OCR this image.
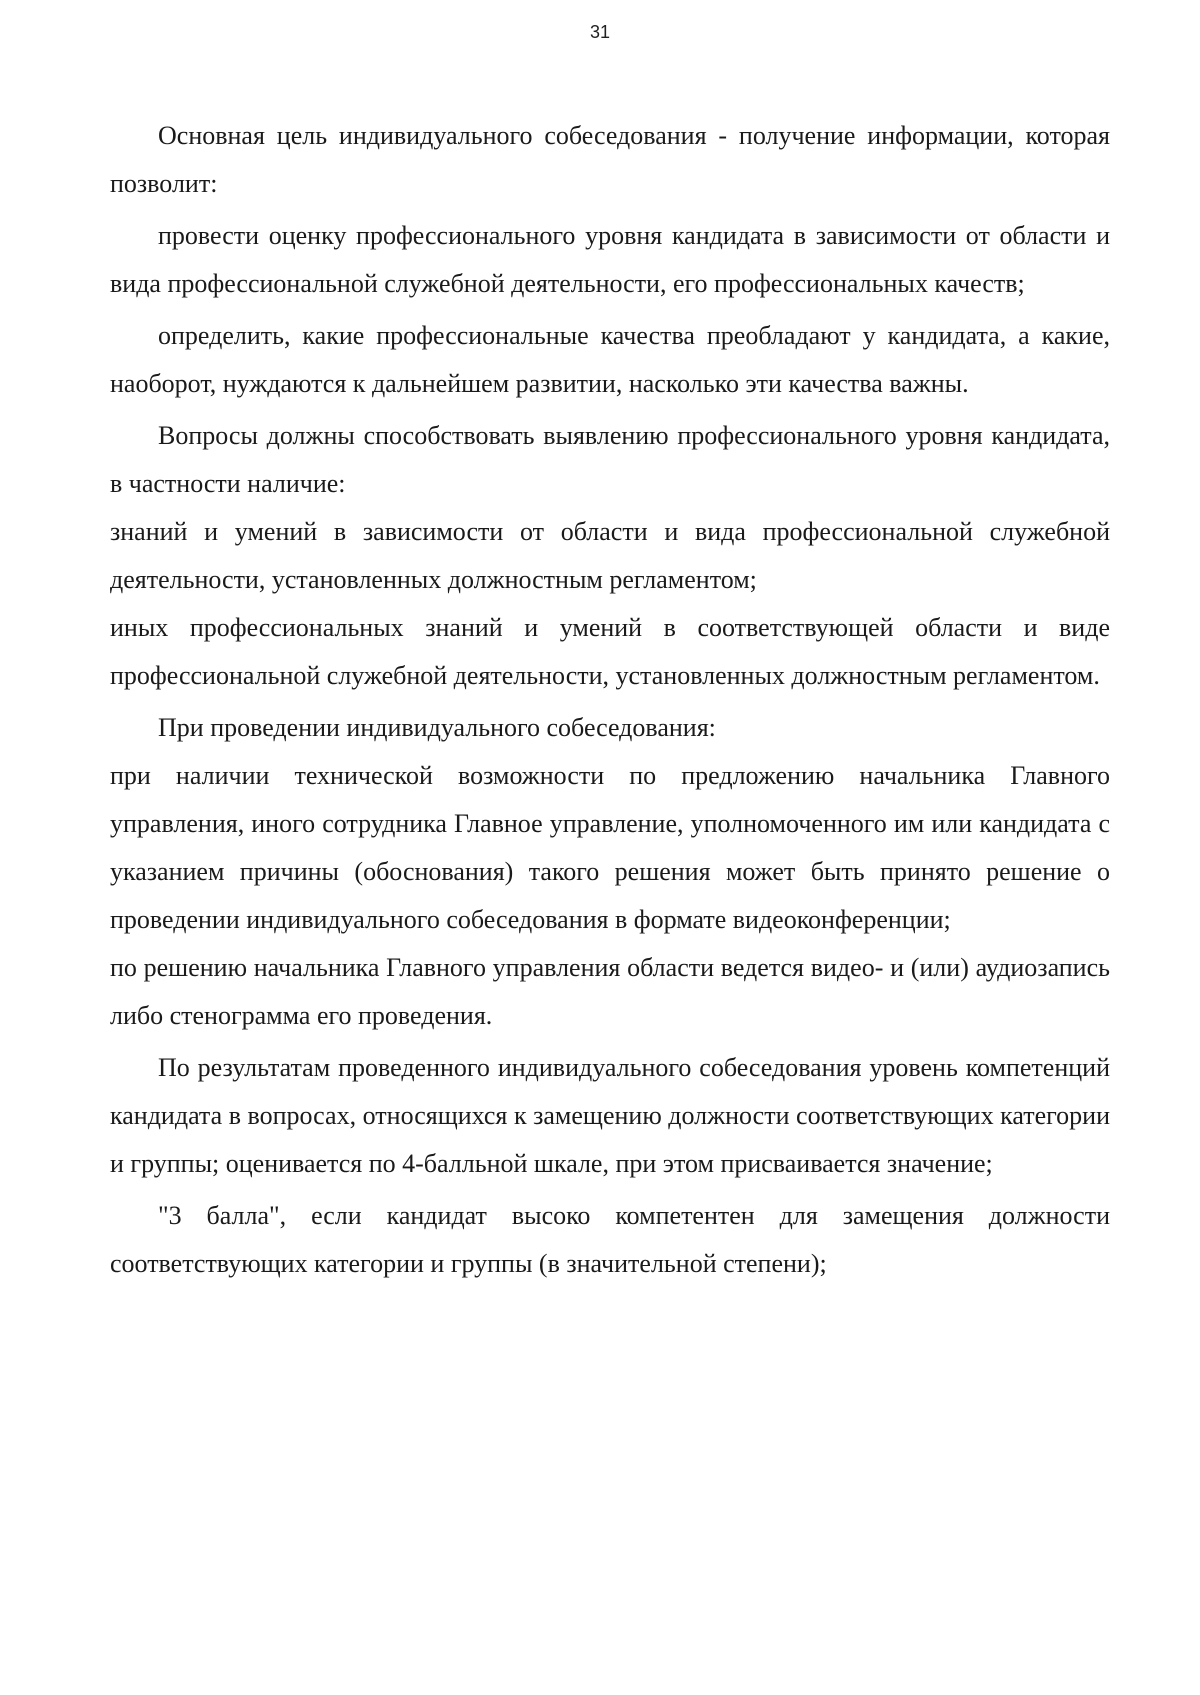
31

Основная цель индивидуального собеседования - получение информации, которая позволит:

провести оценку профессионального уровня кандидата в зависимости от области и вида профессиональной служебной деятельности, его профессиональных качеств;

определить, какие профессиональные качества преобладают у кандидата, а какие, наоборот, нуждаются к дальнейшем развитии, насколько эти качества важны.

Вопросы должны способствовать выявлению профессионального уровня кандидата, в частности наличие:

знаний и умений в зависимости от области и вида профессиональной служебной деятельности, установленных должностным регламентом;

иных профессиональных знаний и умений в соответствующей области и виде профессиональной служебной деятельности, установленных должностным регламентом.

При проведении индивидуального собеседования:

при наличии технической возможности по предложению начальника Главного управления, иного сотрудника Главное управление, уполномоченного им или кандидата с указанием причины (обоснования) такого решения может быть принято решение о проведении индивидуального собеседования в формате видеоконференции;

по решению начальника Главного управления области ведется видео- и (или) аудиозапись либо стенограмма его проведения.

По результатам проведенного индивидуального собеседования уровень компетенций кандидата в вопросах, относящихся к замещению должности соответствующих категории и группы; оценивается по 4-балльной шкале, при этом присваивается значение;

"3 балла", если кандидат высоко компетентен для замещения должности соответствующих категории и группы (в значительной степени);
